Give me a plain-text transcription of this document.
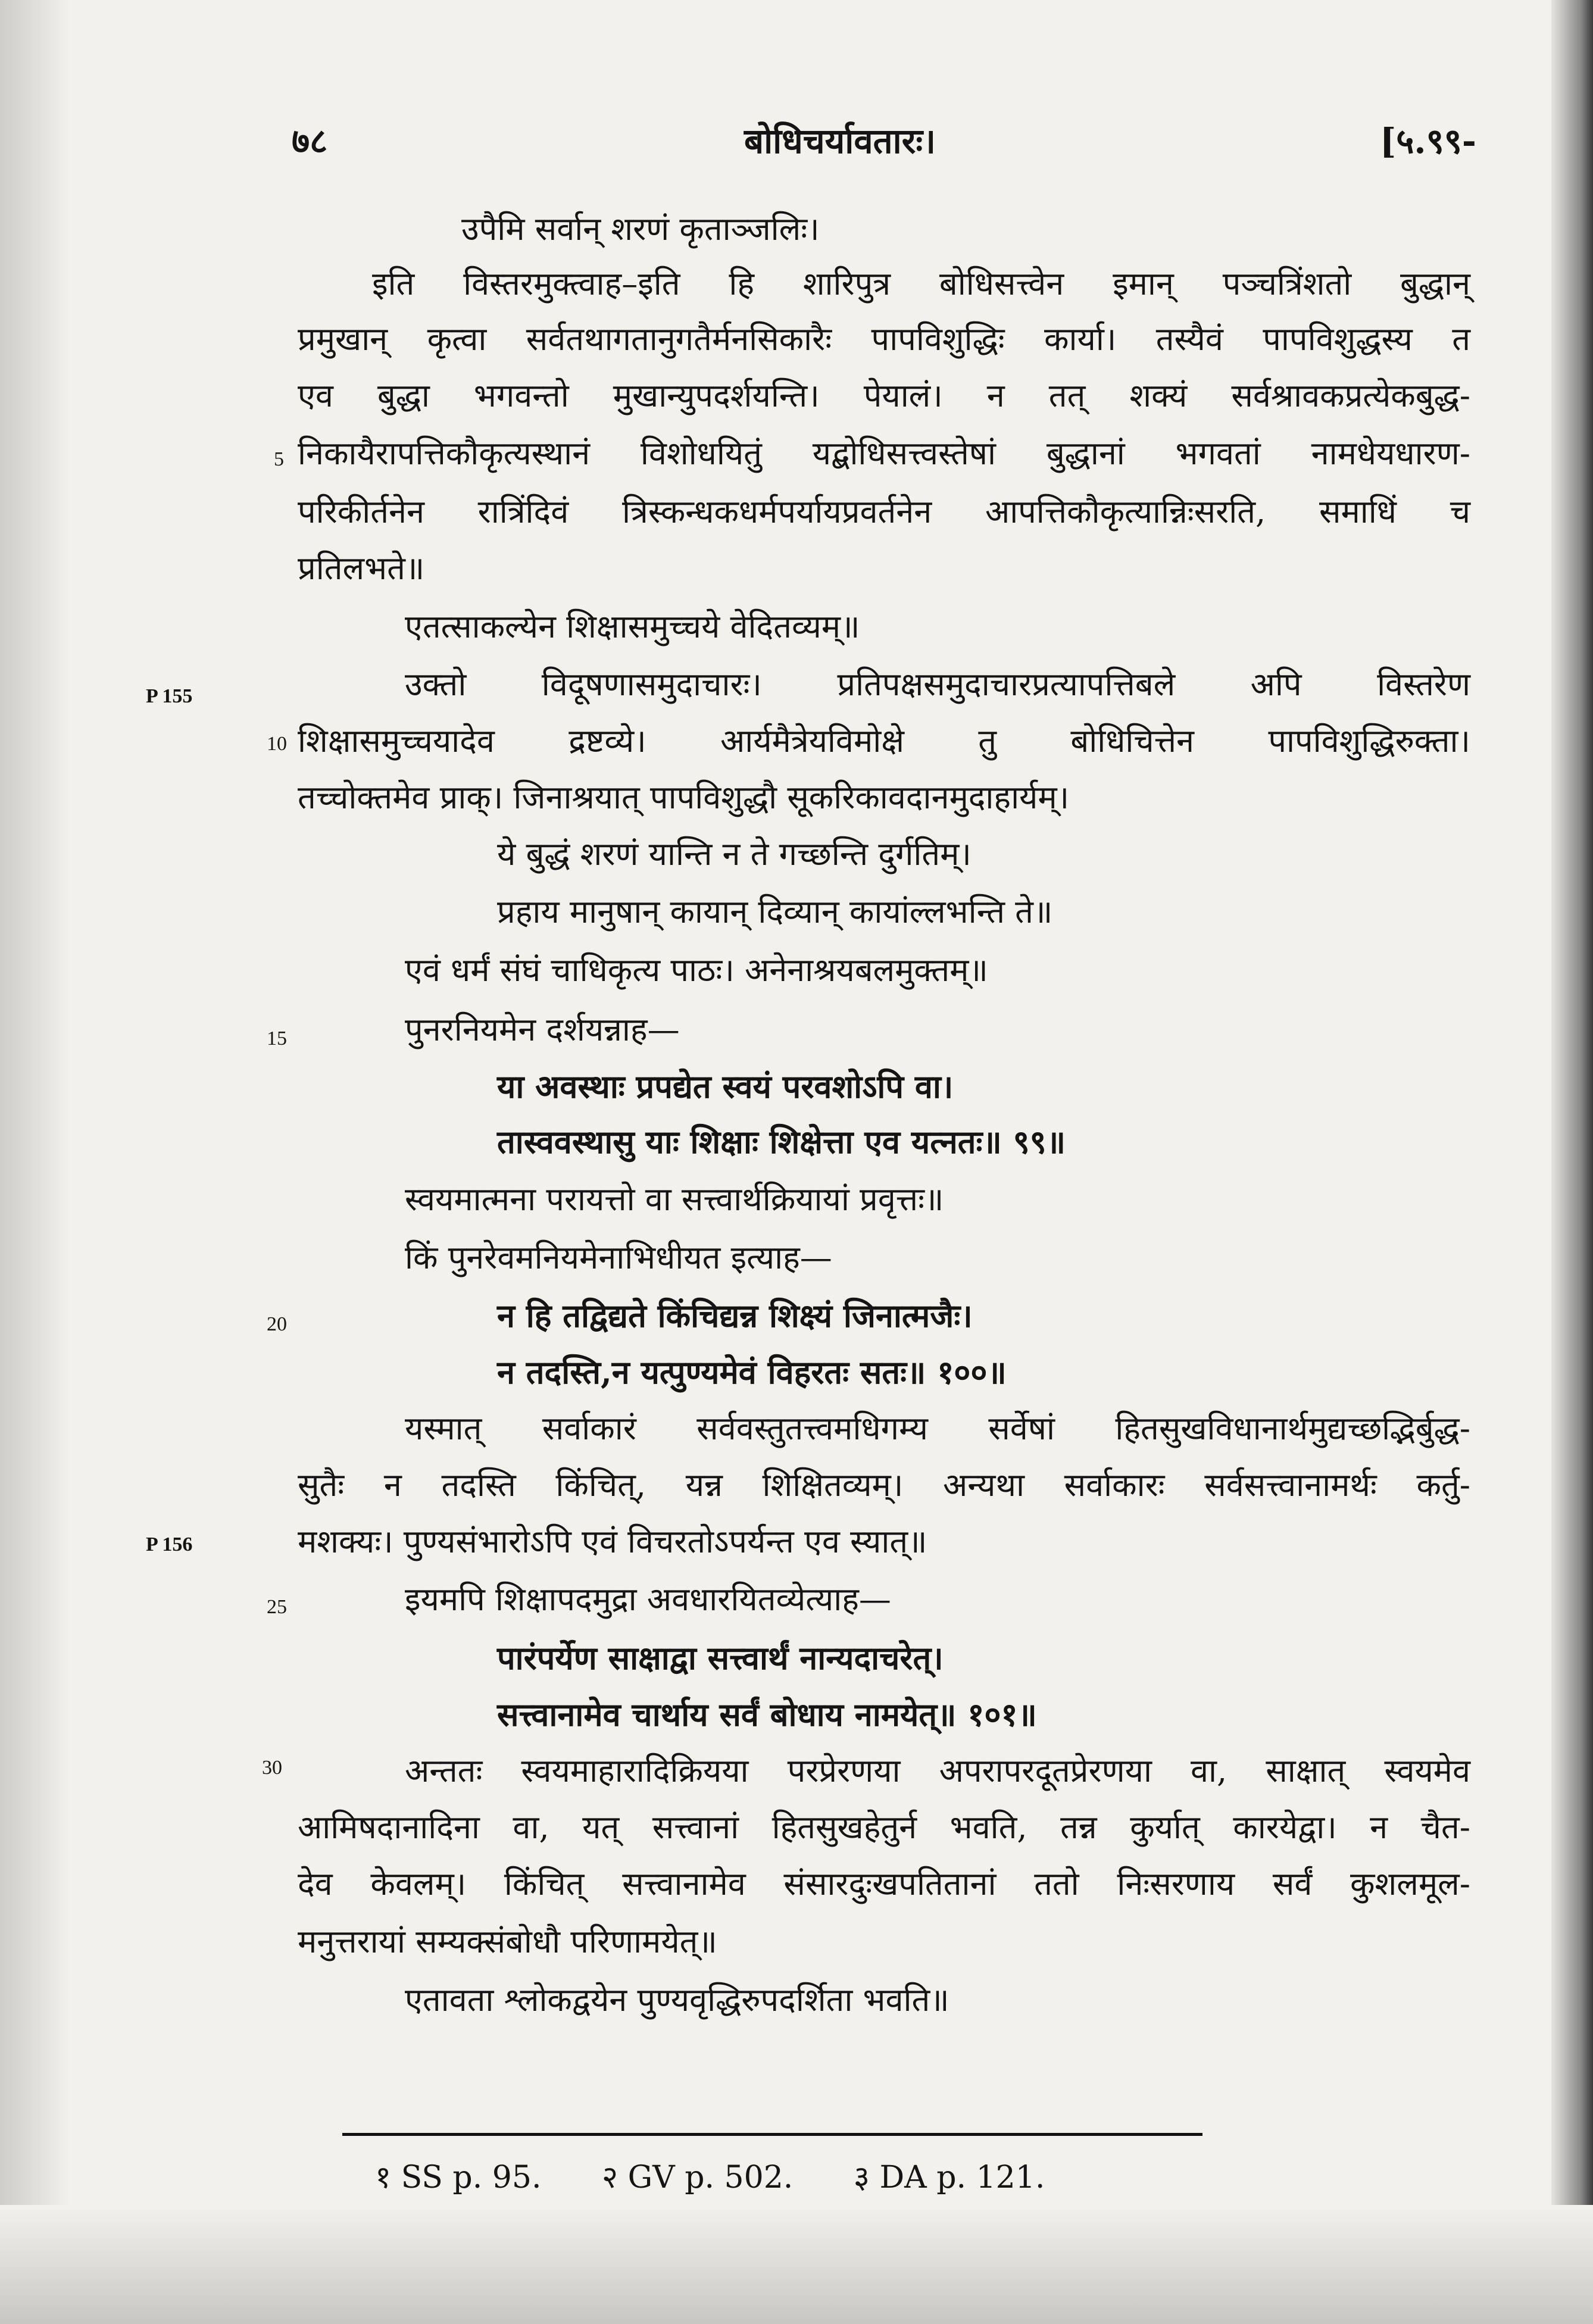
७८	बोधिचर्यावतारः।	[५.९९-
P 155
P 156
5
10
15
20
25
30
उपैमि सर्वान् शरणं कृताञ्जलिः।
इति विस्तरमुक्त्वाह–इति हि शारिपुत्र बोधिसत्त्वेन इमान् पञ्चत्रिंशतो बुद्धान्
प्रमुखान् कृत्वा सर्वतथागतानुगतैर्मनसिकारैः पापविशुद्धिः कार्या। तस्यैवं पापविशुद्धस्य त
एव बुद्धा भगवन्तो मुखान्युपदर्शयन्ति। पेयालं। न तत् शक्यं सर्वश्रावकप्रत्येकबुद्ध-
निकायैरापत्तिकौकृत्यस्थानं विशोधयितुं यद्बोधिसत्त्वस्तेषां बुद्धानां भगवतां नामधेयधारण-
परिकीर्तनेन रात्रिंदिवं त्रिस्कन्धकधर्मपर्यायप्रवर्तनेन आपत्तिकौकृत्यान्निःसरति, समाधिं च
प्रतिलभते॥
एतत्साकल्येन शिक्षासमुच्चये वेदितव्यम्॥
उक्तो विदूषणासमुदाचारः। प्रतिपक्षसमुदाचारप्रत्यापत्तिबले अपि विस्तरेण
शिक्षासमुच्चयादेव द्रष्टव्ये। आर्यमैत्रेयविमोक्षे तु बोधिचित्तेन पापविशुद्धिरुक्ता।
तच्चोक्तमेव प्राक्। जिनाश्रयात् पापविशुद्धौ सूकरिकावदानमुदाहार्यम्।
ये बुद्धं शरणं यान्ति न ते गच्छन्ति दुर्गतिम्।
प्रहाय मानुषान् कायान् दिव्यान् कायांल्लभन्ति ते॥
एवं धर्मं संघं चाधिकृत्य पाठः। अनेनाश्रयबलमुक्तम्॥
पुनरनियमेन दर्शयन्नाह—
या अवस्थाः प्रपद्येत स्वयं परवशोऽपि वा।
तास्ववस्थासु याः शिक्षाः शिक्षेत्ता एव यत्नतः॥ ९९॥
स्वयमात्मना परायत्तो वा सत्त्वार्थक्रियायां प्रवृत्तः॥
किं पुनरेवमनियमेनाभिधीयत इत्याह—
न हि तद्विद्यते किंचिद्यन्न शिक्ष्यं जिनात्मजैः।
न तदस्ति,न यत्पुण्यमेवं विहरतः सतः॥ १००॥
यस्मात् सर्वाकारं सर्ववस्तुतत्त्वमधिगम्य सर्वेषां हितसुखविधानार्थमुद्यच्छद्भिर्बुद्ध-
सुतैः न तदस्ति किंचित्, यन्न शिक्षितव्यम्। अन्यथा सर्वाकारः सर्वसत्त्वानामर्थः कर्तु-
मशक्यः। पुण्यसंभारोऽपि एवं विचरतोऽपर्यन्त एव स्यात्॥
इयमपि शिक्षापदमुद्रा अवधारयितव्येत्याह—
पारंपर्येण साक्षाद्वा सत्त्वार्थं नान्यदाचरेत्।
सत्त्वानामेव चार्थाय सर्वं बोधाय नामयेत्॥ १०१॥
अन्ततः स्वयमाहारादिक्रियया परप्रेरणया अपरापरदूतप्रेरणया वा, साक्षात् स्वयमेव
आमिषदानादिना वा, यत् सत्त्वानां हितसुखहेतुर्न भवति, तन्न कुर्यात् कारयेद्वा। न चैत-
देव केवलम्। किंचित् सत्त्वानामेव संसारदुःखपतितानां ततो निःसरणाय सर्वं कुशलमूल-
मनुत्तरायां सम्यक्संबोधौ परिणामयेत्॥
एतावता श्लोकद्वयेन पुण्यवृद्धिरुपदर्शिता भवति॥
१ SS p. 95. २ GV p. 502. ३ DA p. 121.
